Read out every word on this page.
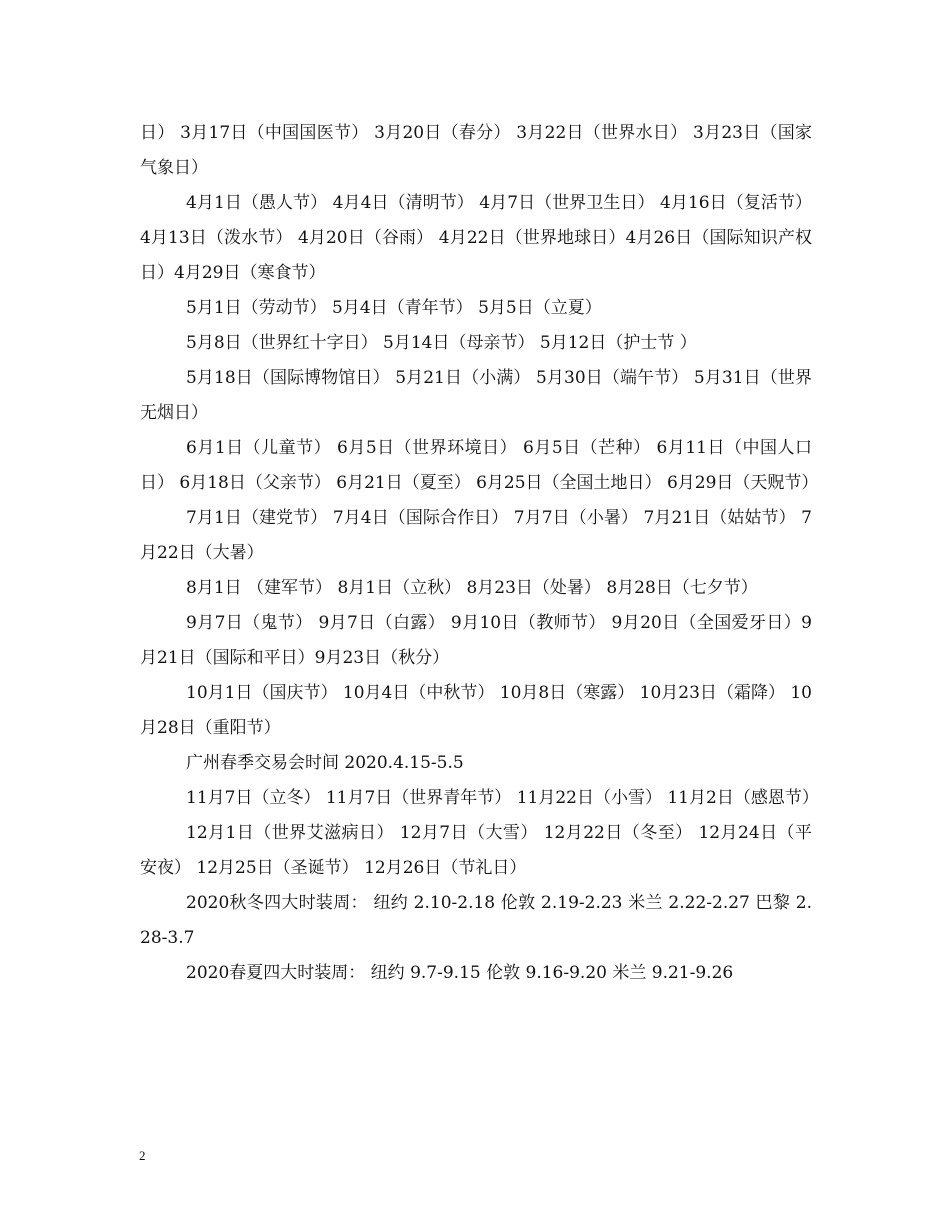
日） 3月17日（中国国医节） 3月20日（春分） 3月22日（世界水日） 3月23日（国家气象日）

4月1日（愚人节） 4月4日（清明节） 4月7日（世界卫生日） 4月16日（复活节） 4月13日（泼水节） 4月20日（谷雨） 4月22日（世界地球日）4月26日（国际知识产权日）4月29日（寒食节）

5月1日（劳动节） 5月4日（青年节） 5月5日（立夏）

5月8日（世界红十字日） 5月14日（母亲节） 5月12日（护士节 ）

5月18日（国际博物馆日） 5月21日（小满） 5月30日（端午节） 5月31日（世界无烟日）

6月1日（儿童节） 6月5日（世界环境日） 6月5日（芒种） 6月11日（中国人口日） 6月18日（父亲节） 6月21日（夏至） 6月25日（全国土地日） 6月29日（天贶节）

7月1日（建党节） 7月4日（国际合作日） 7月7日（小暑） 7月21日（姑姑节） 7月22日（大暑）

8月1日 （建军节） 8月1日（立秋） 8月23日（处暑） 8月28日（七夕节）

9月7日（鬼节） 9月7日（白露） 9月10日（教师节） 9月20日（全国爱牙日）9月21日（国际和平日）9月23日（秋分）

10月1日（国庆节） 10月4日（中秋节） 10月8日（寒露） 10月23日（霜降） 10月28日（重阳节）

广州春季交易会时间 2020.4.15-5.5

11月7日（立冬） 11月7日（世界青年节） 11月22日（小雪） 11月2日（感恩节）

12月1日（世界艾滋病日） 12月7日（大雪） 12月22日（冬至） 12月24日（平安夜） 12月25日（圣诞节） 12月26日（节礼日）

2020秋冬四大时装周： 纽约 2.10-2.18 伦敦 2.19-2.23 米兰 2.22-2.27 巴黎 2.28-3.7

2020春夏四大时装周： 纽约 9.7-9.15 伦敦 9.16-9.20 米兰 9.21-9.26

2
